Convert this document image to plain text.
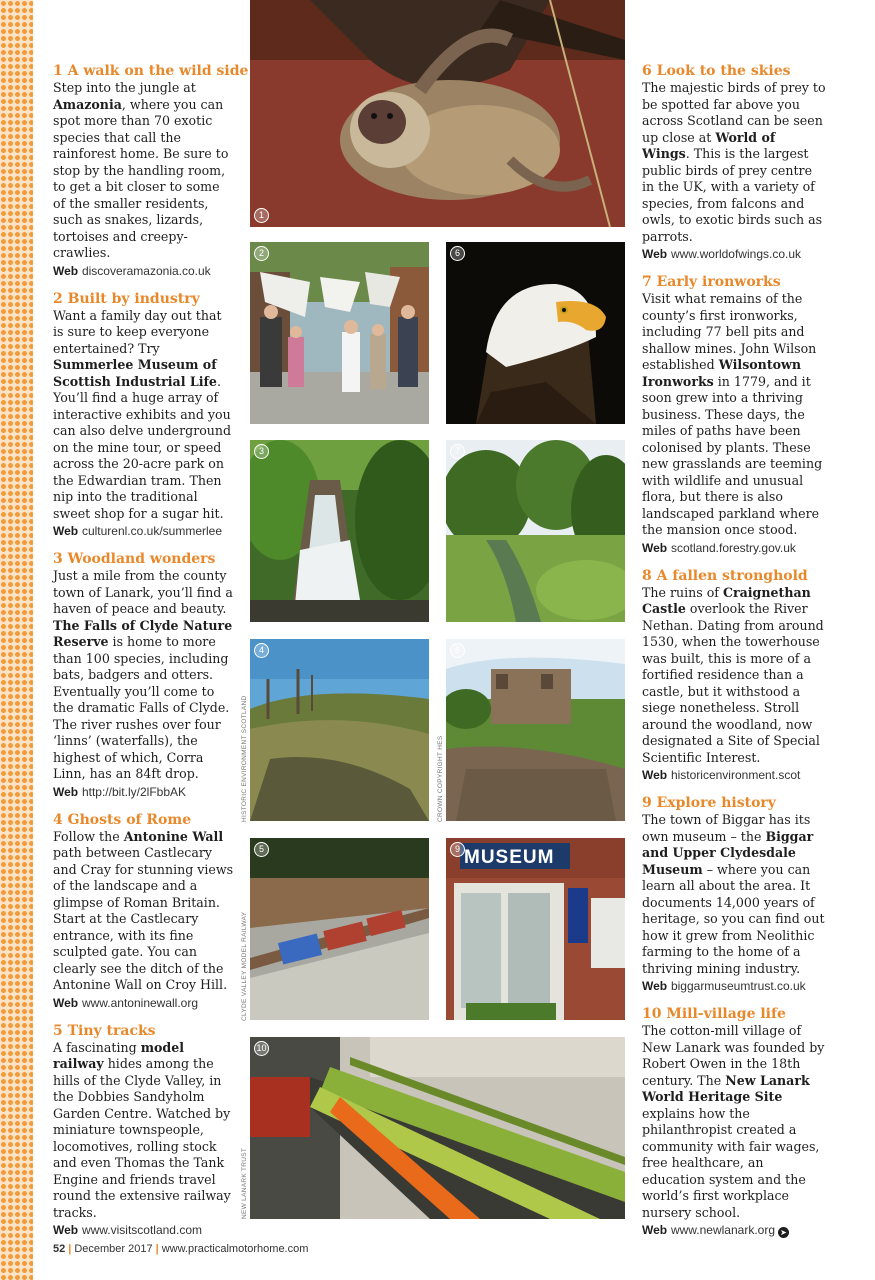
1 A walk on the wild side

Step into the jungle at Amazonia, where you can spot more than 70 exotic species that call the rainforest home. Be sure to stop by the handling room, to get a bit closer to some of the smaller residents, such as snakes, lizards, tortoises and creepy-crawlies.

Web discoveramazonia.co.uk
2 Built by industry

Want a family day out that is sure to keep everyone entertained? Try Summerlee Museum of Scottish Industrial Life. You’ll find a huge array of interactive exhibits and you can also delve underground on the mine tour, or speed across the 20-acre park on the Edwardian tram. Then nip into the traditional sweet shop for a sugar hit.

Web culturenl.co.uk/summerlee
3 Woodland wonders

Just a mile from the county town of Lanark, you’ll find a haven of peace and beauty. The Falls of Clyde Nature Reserve is home to more than 100 species, including bats, badgers and otters. Eventually you’ll come to the dramatic Falls of Clyde. The river rushes over four ‘linns’ (waterfalls), the highest of which, Corra Linn, has an 84ft drop.

Web http://bit.ly/2lFbbAK
4 Ghosts of Rome

Follow the Antonine Wall path between Castlecary and Cray for stunning views of the landscape and a glimpse of Roman Britain. Start at the Castlecary entrance, with its fine sculpted gate. You can clearly see the ditch of the Antonine Wall on Croy Hill.

Web www.antoninewall.org
5 Tiny tracks

A fascinating model railway hides among the hills of the Clyde Valley, in the Dobbies Sandyholm Garden Centre. Watched by miniature townspeople, locomotives, rolling stock and even Thomas the Tank Engine and friends travel round the extensive railway tracks.

Web www.visitscotland.com
6 Look to the skies

The majestic birds of prey to be spotted far above you across Scotland can be seen up close at World of Wings. This is the largest public birds of prey centre in the UK, with a variety of species, from falcons and owls, to exotic birds such as parrots.

Web www.worldofwings.co.uk
7 Early ironworks

Visit what remains of the county’s first ironworks, including 77 bell pits and shallow mines. John Wilson established Wilsontown Ironworks in 1779, and it soon grew into a thriving business. These days, the miles of paths have been colonised by plants. These new grasslands are teeming with wildlife and unusual flora, but there is also landscaped parkland where the mansion once stood.

Web scotland.forestry.gov.uk
8 A fallen stronghold

The ruins of Craignethan Castle overlook the River Nethan. Dating from around 1530, when the towerhouse was built, this is more of a fortified residence than a castle, but it withstood a siege nonetheless. Stroll around the woodland, now designated a Site of Special Scientific Interest.

Web historicenvironment.scot
9 Explore history

The town of Biggar has its own museum – the Biggar and Upper Clydesdale Museum – where you can learn all about the area. It documents 14,000 years of heritage, so you can find out how it grew from Neolithic farming to the home of a thriving mining industry.

Web biggarmuseumtrust.co.uk
10 Mill-village life

The cotton-mill village of New Lanark was founded by Robert Owen in the 18th century. The New Lanark World Heritage Site explains how the philanthropist created a community with fair wages, free healthcare, an education system and the world’s first workplace nursery school.

Web www.newlanark.org ➤
1
2	6
3	7
4	8
5	MUSEUM
9
10
HISTORIC ENVIRONMENT SCOTLAND	CROWN COPYRIGHT HES
CLYDE VALLEY MODEL RAILWAY
NEW LANARK TRUST
52 | December 2017 | www.practicalmotorhome.com
